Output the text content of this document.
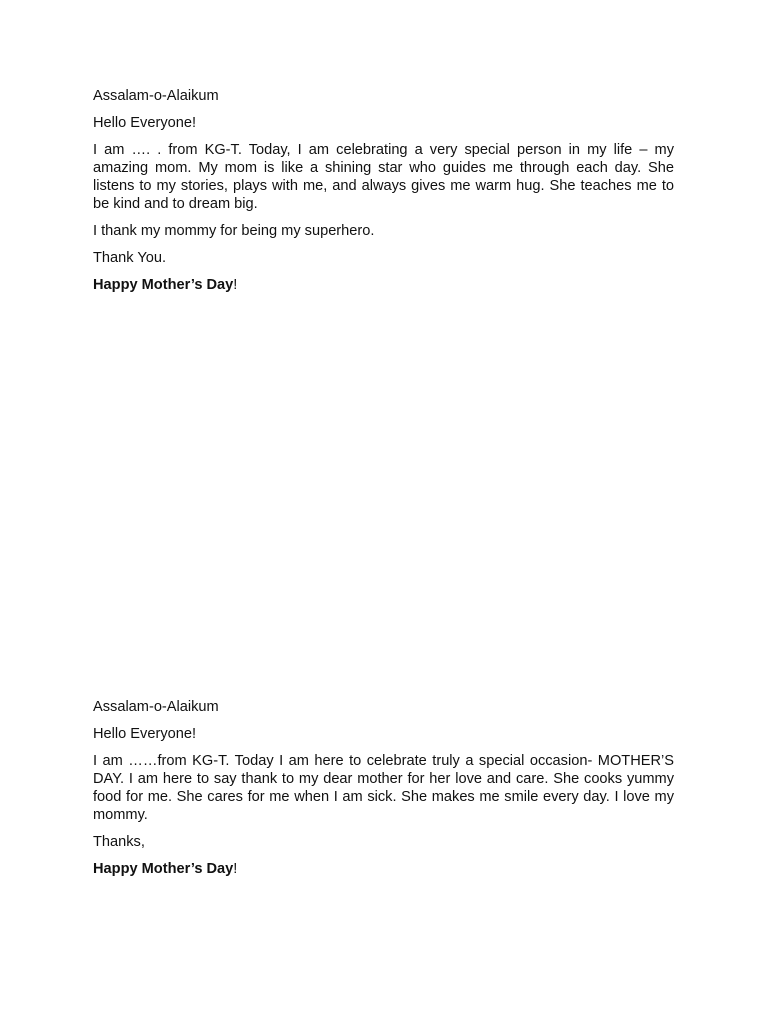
Assalam-o-Alaikum

Hello Everyone!

I am …. . from KG-T. Today, I am celebrating a very special person in my life – my amazing mom. My mom is like a shining star who guides me through each day. She listens to my stories, plays with me, and always gives me warm hug. She teaches me to be kind and to dream big.

I thank my mommy for being my superhero.

Thank You.

Happy Mother’s Day!

Assalam-o-Alaikum

Hello Everyone!

I am ……from KG-T. Today I am here to celebrate truly a special occasion- MOTHER’S DAY. I am here to say thank to my dear mother for her love and care. She cooks yummy food for me. She cares for me when I am sick. She makes me smile every day. I love my mommy.

Thanks,

Happy Mother’s Day!
